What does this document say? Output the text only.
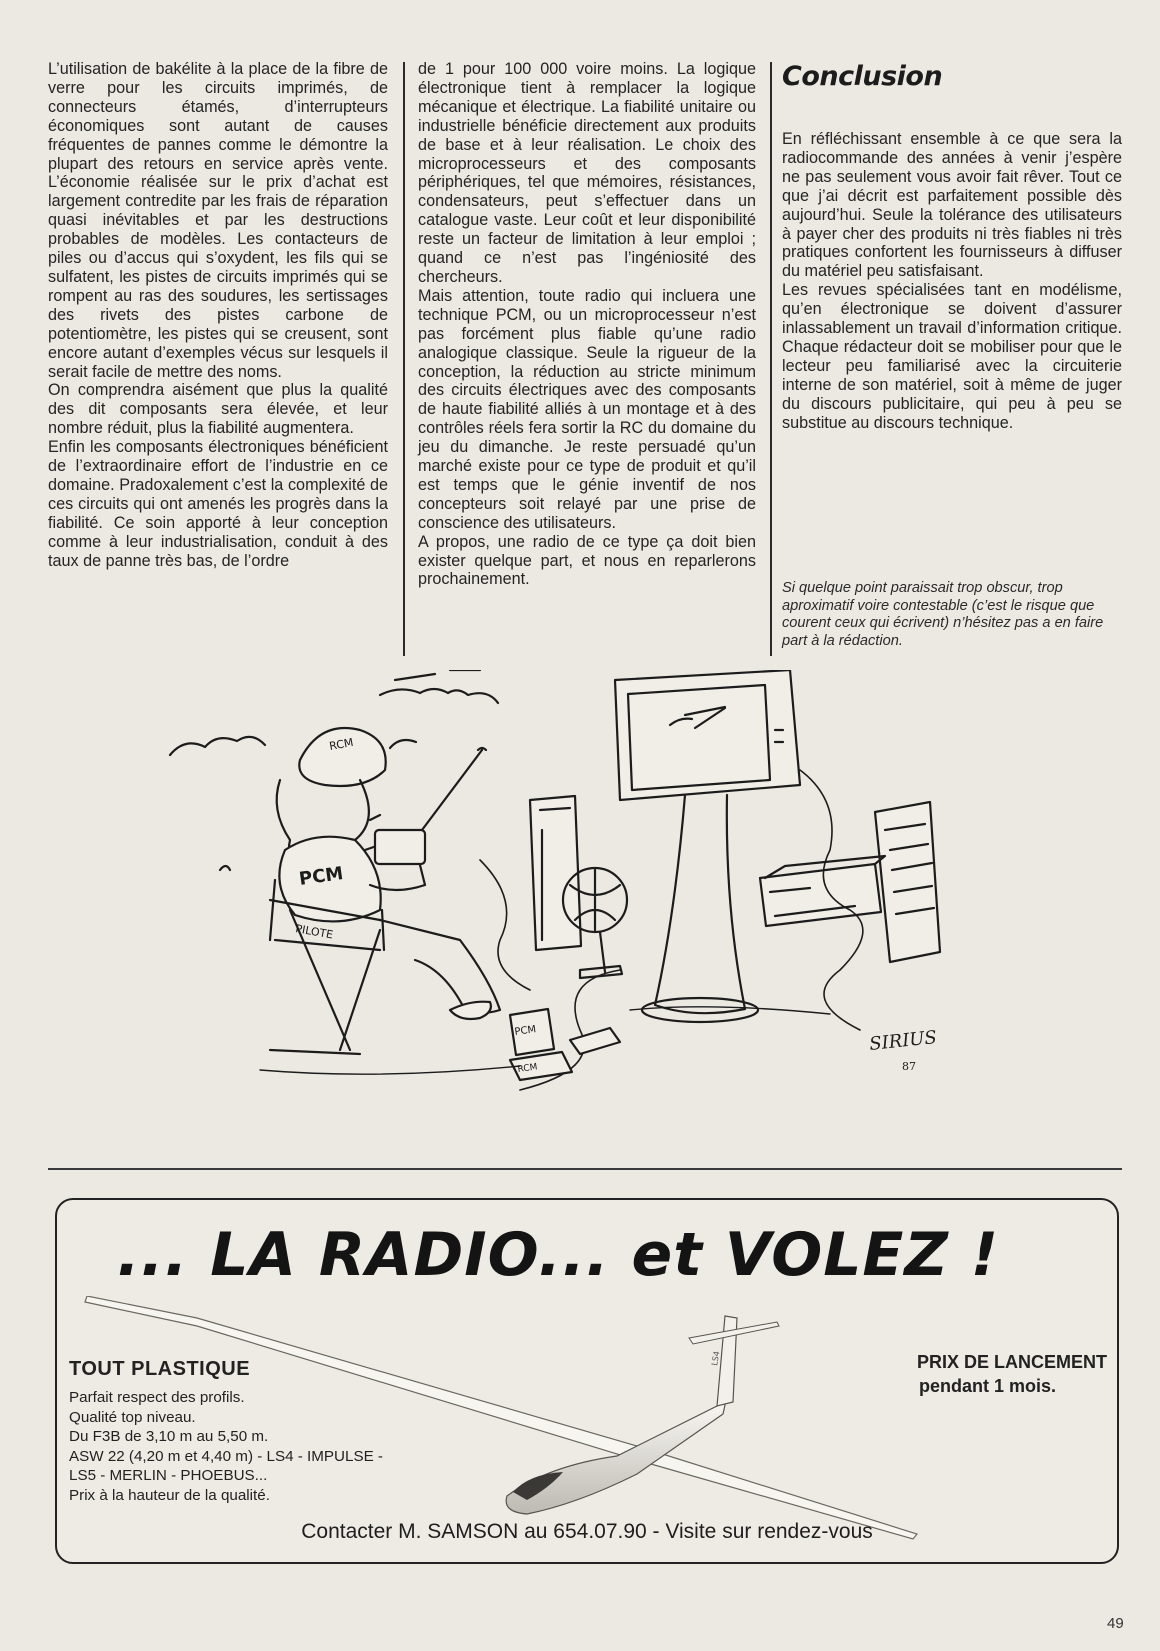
L’utilisation de bakélite à la place de la fibre de verre pour les circuits imprimés, de connecteurs étamés, d’interrupteurs économiques sont autant de causes fréquentes de pannes comme le démontre la plupart des retours en service après vente. L’économie réalisée sur le prix d’achat est largement contredite par les frais de réparation quasi inévitables et par les destructions probables de modèles. Les contacteurs de piles ou d’accus qui s’oxydent, les fils qui se sulfatent, les pistes de circuits imprimés qui se rompent au ras des soudures, les sertissages des rivets des pistes carbone de potentiomètre, les pistes qui se creusent, sont encore autant d’exemples vécus sur lesquels il serait facile de mettre des noms.

On comprendra aisément que plus la qualité des dit composants sera élevée, et leur nombre réduit, plus la fiabilité augmentera.

Enfin les composants électroniques bénéficient de l’extraordinaire effort de l’industrie en ce domaine. Pradoxalement c’est la complexité de ces circuits qui ont amenés les progrès dans la fiabilité. Ce soin apporté à leur conception comme à leur industrialisation, conduit à des taux de panne très bas, de l’ordre

de 1 pour 100 000 voire moins. La logique électronique tient à remplacer la logique mécanique et électrique. La fiabilité unitaire ou industrielle bénéficie directement aux produits de base et à leur réalisation. Le choix des microprocesseurs et des composants périphériques, tel que mémoires, résistances, condensateurs, peut s’effectuer dans un catalogue vaste. Leur coût et leur disponibilité reste un facteur de limitation à leur emploi ; quand ce n’est pas l’ingéniosité des chercheurs.

Mais attention, toute radio qui incluera une technique PCM, ou un microprocesseur n’est pas forcément plus fiable qu’une radio analogique classique. Seule la rigueur de la conception, la réduction au stricte minimum des circuits électriques avec des composants de haute fiabilité alliés à un montage et à des contrôles réels fera sortir la RC du domaine du jeu du dimanche. Je reste persuadé qu’un marché existe pour ce type de produit et qu’il est temps que le génie inventif de nos concepteurs soit relayé par une prise de conscience des utilisateurs.

A propos, une radio de ce type ça doit bien exister quelque part, et nous en reparlerons prochainement.

Conclusion

En réfléchissant ensemble à ce que sera la radiocommande des années à venir j’espère ne pas seulement vous avoir fait rêver. Tout ce que j’ai décrit est parfaitement possible dès aujourd’hui. Seule la tolérance des utilisateurs à payer cher des produits ni très fiables ni très pratiques confortent les fournisseurs à diffuser du matériel peu satisfaisant.

Les revues spécialisées tant en modélisme, qu’en électronique se doivent d’assurer inlassablement un travail d’information critique. Chaque rédacteur doit se mobiliser pour que le lecteur peu familiarisé avec la circuiterie interne de son matériel, soit à même de juger du discours publicitaire, qui peu à peu se substitue au discours technique.

Si quelque point paraissait trop obscur, trop aproximatif voire contestable (c’est le risque que courent ceux qui écrivent) n’hésitez pas a en faire part à la rédaction.

PCM
PILOTE
RCM
PCM
RCM
SIRIUS
87
... LA RADIO... et VOLEZ !
LS4
TOUT PLASTIQUE
Parfait respect des profils.
Qualité top niveau.
Du F3B de 3,10 m au 5,50 m.
ASW 22 (4,20 m et 4,40 m) - LS4 - IMPULSE -
LS5 - MERLIN - PHOEBUS...
Prix à la hauteur de la qualité.
PRIX DE LANCEMENT
pendant 1 mois.
Contacter M. SAMSON au 654.07.90 - Visite sur rendez-vous
49
